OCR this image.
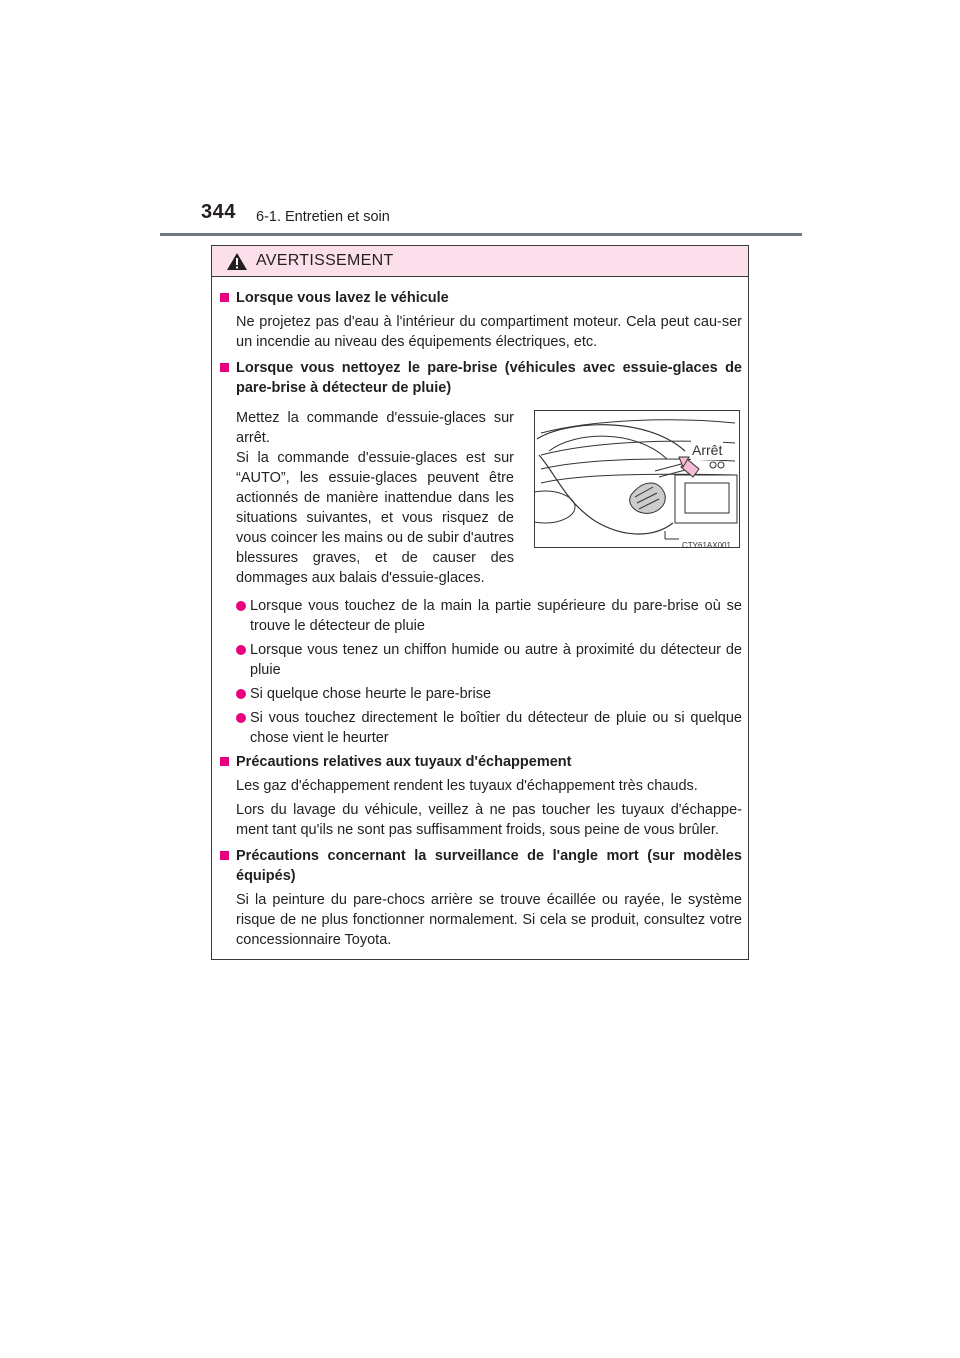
344 6-1. Entretien et soin
AVERTISSEMENT
Lorsque vous lavez le véhicule
Ne projetez pas d'eau à l'intérieur du compartiment moteur. Cela peut cau-ser un incendie au niveau des équipements électriques, etc.
Lorsque vous nettoyez le pare-brise (véhicules avec essuie-glaces de pare-brise à détecteur de pluie)
Mettez la commande d'essuie-glaces sur arrêt.
Si la commande d'essuie-glaces est sur “AUTO”, les essuie-glaces peuvent être actionnés de manière inattendue dans les situations suivantes, et vous risquez de vous coincer les mains ou de subir d'autres blessures graves, et de causer des dommages aux balais d'essuie-glaces.
Arrêt
CTY61AX001
Lorsque vous touchez de la main la partie supérieure du pare-brise où se trouve le détecteur de pluie
Lorsque vous tenez un chiffon humide ou autre à proximité du détecteur de pluie
Si quelque chose heurte le pare-brise
Si vous touchez directement le boîtier du détecteur de pluie ou si quelque chose vient le heurter
Précautions relatives aux tuyaux d'échappement
Les gaz d'échappement rendent les tuyaux d'échappement très chauds.
Lors du lavage du véhicule, veillez à ne pas toucher les tuyaux d'échappe-ment tant qu'ils ne sont pas suffisamment froids, sous peine de vous brûler.
Précautions concernant la surveillance de l'angle mort (sur modèles équipés)
Si la peinture du pare-chocs arrière se trouve écaillée ou rayée, le système risque de ne plus fonctionner normalement. Si cela se produit, consultez votre concessionnaire Toyota.
